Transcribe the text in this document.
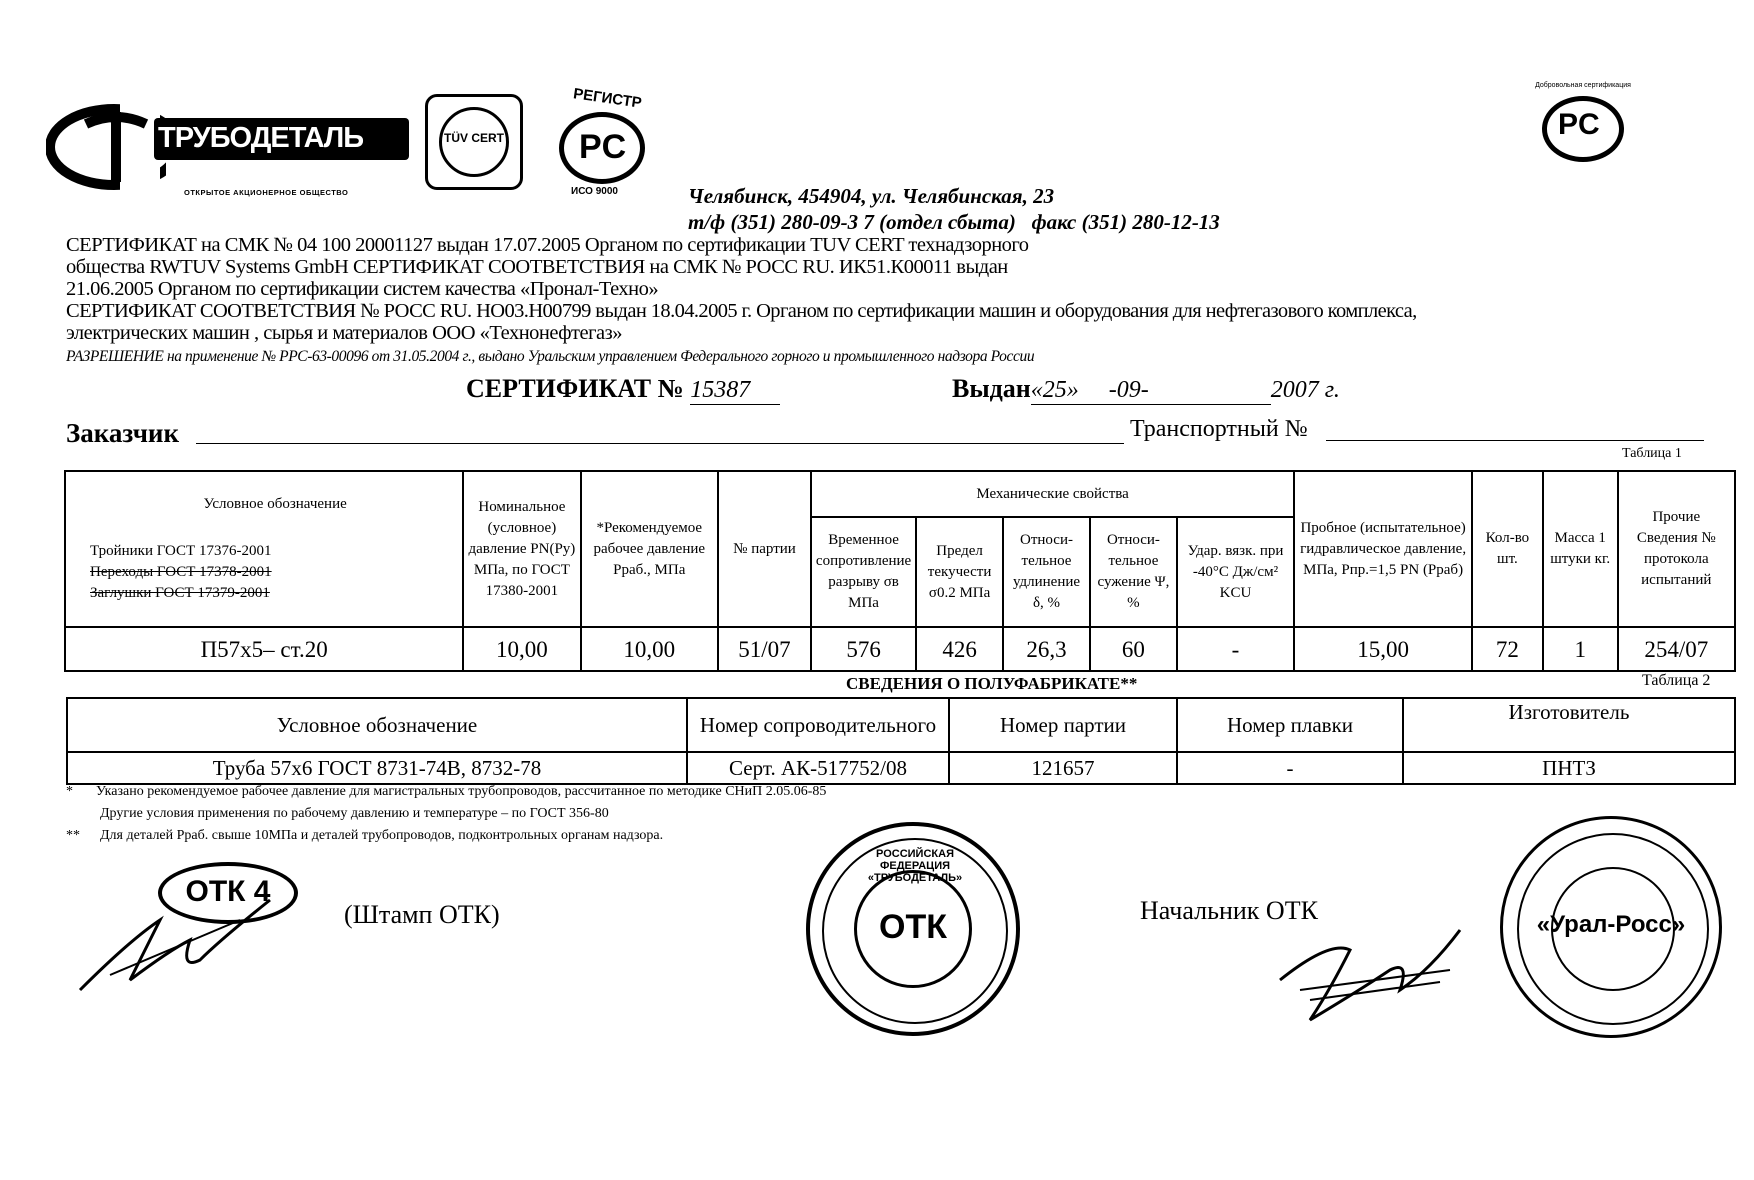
ТРУБОДЕТАЛЬ
ОТКРЫТОЕ АКЦИОНЕРНОЕ ОБЩЕСТВО
TÜV CERT
РЕГИСТР
PC
ИСО 9000
Добровольная сертификация
PC
Челябинск, 454904, ул. Челябинская, 23
т/ф (351) 280-09-3 7 (отдел сбыта)   факс (351) 280-12-13
СЕРТИФИКАТ на СМК № 04 100 20001127 выдан 17.07.2005 Органом по сертификации TUV CERT технадзорного
общества RWTUV Systems GmbH СЕРТИФИКАТ СООТВЕТСТВИЯ на СМК № РОСС RU. ИК51.К00011 выдан
21.06.2005 Органом по сертификации систем качества «Пронал-Техно»
СЕРТИФИКАТ СООТВЕТСТВИЯ № РОСС RU. НО03.Н00799 выдан 18.04.2005 г. Органом по сертификации машин и оборудования для нефтегазового комплекса,
электрических машин , сырья и материалов ООО «Технонефтегаз»
РАЗРЕШЕНИЕ на применение № РРС-63-00096 от 31.05.2004 г., выдано Уральским управлением Федерального горного и промышленного надзора России
СЕРТИФИКАТ № 15387	Выдан«25» -09-	2007 г.
Заказчик	Транспортный №
Таблица 1
Условное обозначение
Тройники ГОСТ 17376-2001
Переходы ГОСТ 17378-2001
Заглушки ГОСТ 17379-2001	Номинальное (условное) давление PN(Py) МПа, по ГОСТ 17380-2001	*Рекомендуемое рабочее давление Рраб., МПа	№ партии	Механические свойства					Пробное (испытательное) гидравлическое давление, МПа, Рпр.=1,5 PN (Рраб)	Кол-во шт.	Масса 1 штуки кг.	Прочие Сведения № протокола испытаний
				Временное сопротивление разрыву σв МПа	Предел текучести σ0.2 МПа	Относи-тельное удлинение δ, %	Относи-тельное сужение Ψ, %	Удар. вязк. при -40°С Дж/см² KCU				
П57х5– ст.20	10,00	10,00	51/07	576	426	26,3	60	-	15,00	72	1	254/07
СВЕДЕНИЯ О ПОЛУФАБРИКАТЕ**	Таблица 2
Условное обозначение	Номер сопроводительного	Номер партии	Номер плавки	Изготовитель
Труба 57х6 ГОСТ 8731-74В, 8732-78	Серт. АК-517752/08	121657	-	ПНТЗ
* Указано рекомендуемое рабочее давление для магистральных трубопроводов, рассчитанное по методике СНиП 2.05.06-85
Другие условия применения по рабочему давлению и температуре – по ГОСТ 356-80
** Для деталей Рраб. свыше 10МПа и деталей трубопроводов, подконтрольных органам надзора.
ОТК 4
(Штамп ОТК)
РОССИЙСКАЯ ФЕДЕРАЦИЯ «ТРУБОДЕТАЛЬ»
ОТК	Начальник ОТК	«Урал-Росс»
